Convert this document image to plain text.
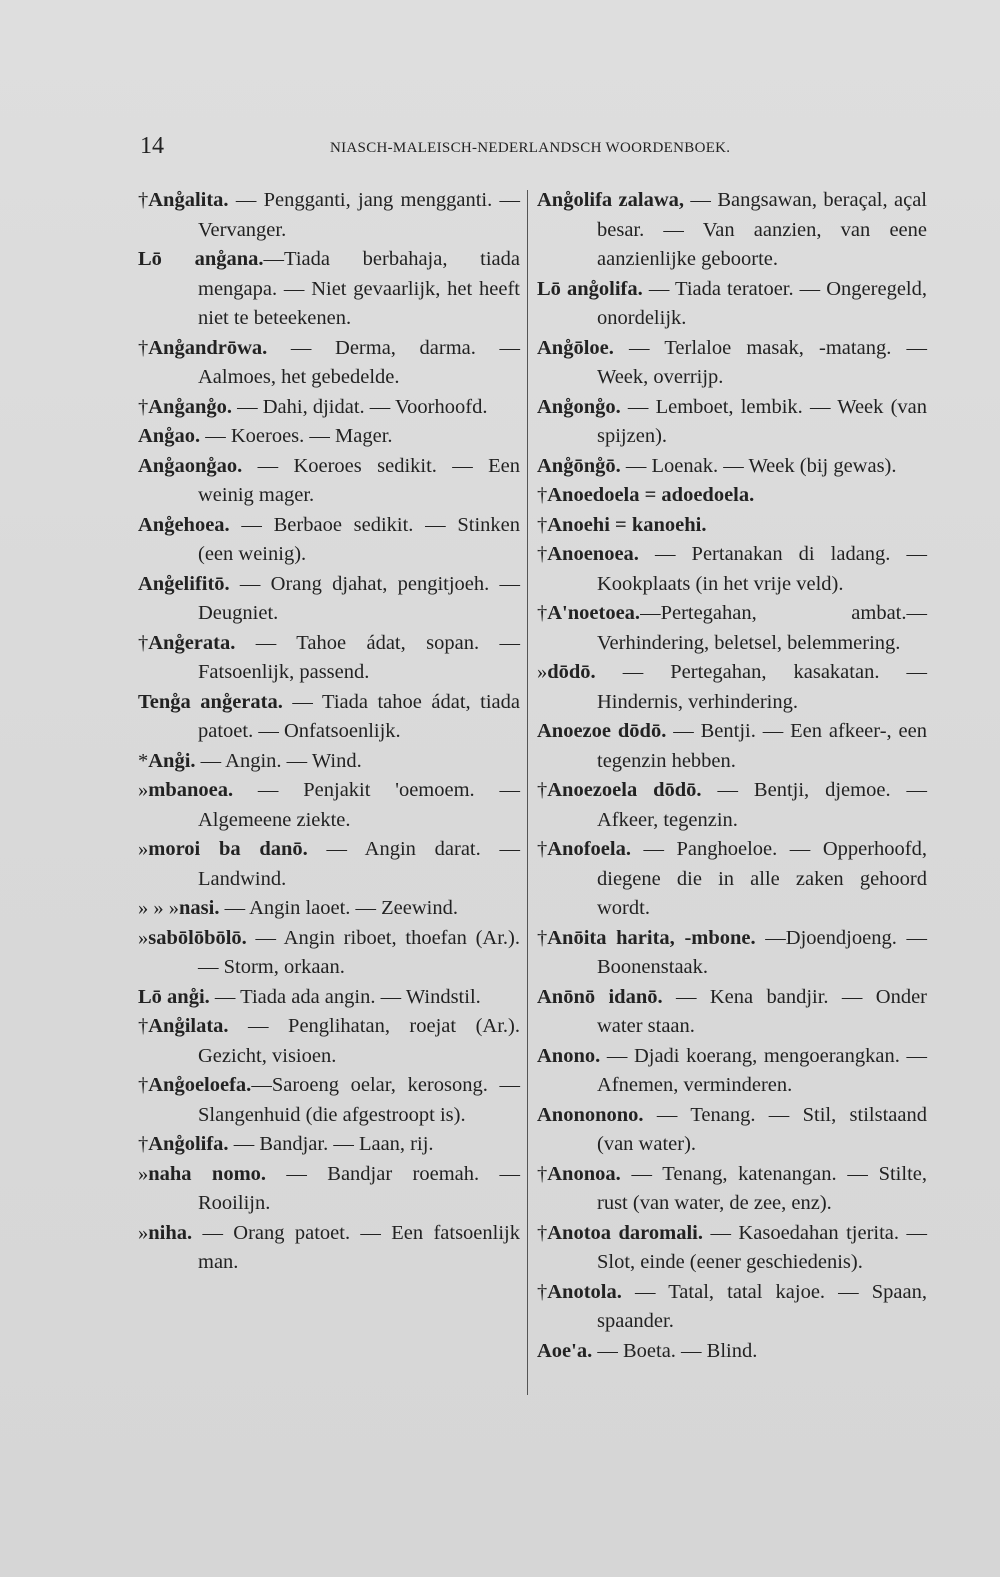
14	NIASCH-MALEISCH-NEDERLANDSCH WOORDENBOEK.
†Ang̊alita. — Pengganti, jang mengganti. — Vervanger.
Lō ang̊ana.—Tiada berbahaja, tiada mengapa. — Niet gevaarlijk, het heeft niet te beteekenen.
†Ang̊andrōwa. — Derma, darma. — Aalmoes, het gebedelde.
†Ang̊ang̊o. — Dahi, djidat. — Voorhoofd.
Ang̊ao. — Koeroes. — Mager.
Ang̊aong̊ao. — Koeroes sedikit. — Een weinig mager.
Ang̊ehoea. — Berbaoe sedikit. — Stinken (een weinig).
Ang̊elifitō. — Orang djahat, pengitjoeh. — Deugniet.
†Ang̊erata. — Tahoe ádat, sopan. — Fatsoenlijk, passend.
Teng̊a ang̊erata. — Tiada tahoe ádat, tiada patoet. — Onfatsoenlijk.
*Ang̊i. — Angin. — Wind.
»mbanoea. — Penjakit 'oemoem. — Algemeene ziekte.
»moroi ba danō. — Angin darat. — Landwind.
» » »nasi. — Angin laoet. — Zeewind.
»sabōlōbōlō. — Angin riboet, thoefan (Ar.). — Storm, orkaan.
Lō ang̊i. — Tiada ada angin. — Windstil.
†Ang̊ilata. — Penglihatan, roejat (Ar.). Gezicht, visioen.
†Ang̊oeloefa.—Saroeng oelar, kerosong. — Slangenhuid (die afgestroopt is).
†Ang̊olifa. — Bandjar. — Laan, rij.
»naha nomo. — Bandjar roemah. — Rooilijn.
»niha. — Orang patoet. — Een fatsoenlijk man.
Ang̊olifa zalawa, — Bangsawan, beraçal, açal besar. — Van aanzien, van eene aanzienlijke geboorte.
Lō ang̊olifa. — Tiada teratoer. — Ongeregeld, onordelijk.
Ang̊ōloe. — Terlaloe masak, -matang. — Week, overrijp.
Ang̊ong̊o. — Lemboet, lembik. — Week (van spijzen).
Ang̊ōng̊ō. — Loenak. — Week (bij gewas).
†Anoedoela = adoedoela.
†Anoehi = kanoehi.
†Anoenoea. — Pertanakan di ladang. — Kookplaats (in het vrije veld).
†A'noetoea.—Pertegahan, ambat.—Verhindering, beletsel, belemmering.
»dōdō. — Pertegahan, kasakatan. — Hindernis, verhindering.
Anoezoe dōdō. — Bentji. — Een afkeer-, een tegenzin hebben.
†Anoezoela dōdō. — Bentji, djemoe. — Afkeer, tegenzin.
†Anofoela. — Panghoeloe. — Opperhoofd, diegene die in alle zaken gehoord wordt.
†Anōita harita, -mbone. —Djoendjoeng. — Boonenstaak.
Anōnō idanō. — Kena bandjir. — Onder water staan.
Anono. — Djadi koerang, mengoerangkan. — Afnemen, verminderen.
Anononono. — Tenang. — Stil, stilstaand (van water).
†Anonoa. — Tenang, katenangan. — Stilte, rust (van water, de zee, enz).
†Anotoa daromali. — Kasoedahan tjerita. — Slot, einde (eener geschiedenis).
†Anotola. — Tatal, tatal kajoe. — Spaan, spaander.
Aoe'a. — Boeta. — Blind.
